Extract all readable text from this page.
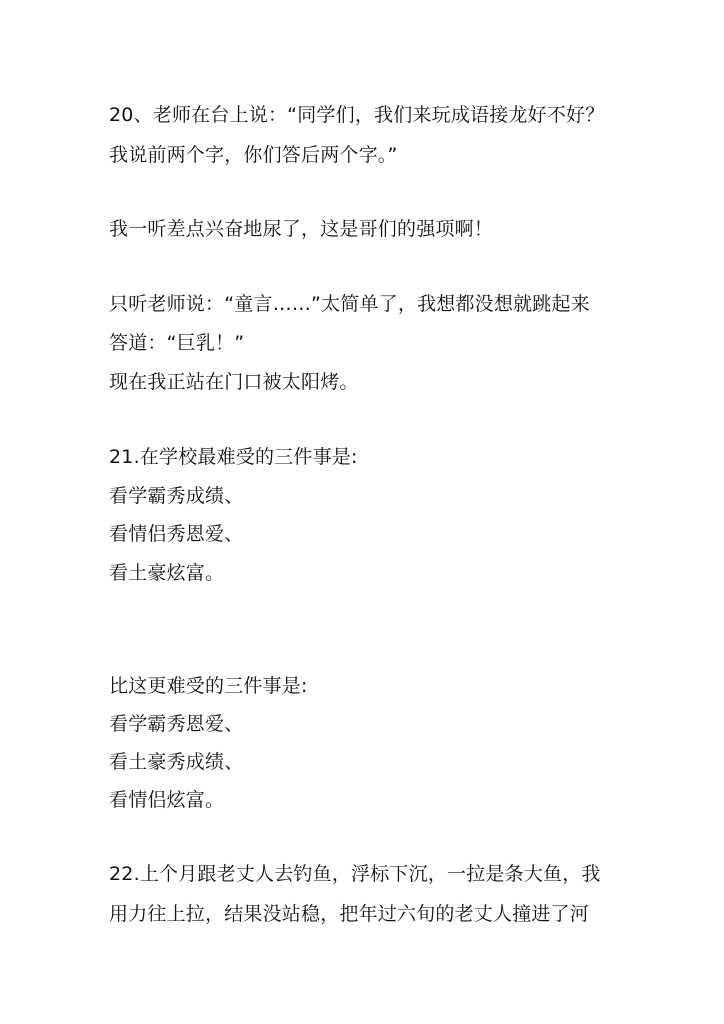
20、老师在台上说：“同学们，我们来玩成语接龙好不好？
我说前两个字，你们答后两个字。”
我一听差点兴奋地尿了，这是哥们的强项啊！
只听老师说：“童言……”太简单了，我想都没想就跳起来
答道：“巨乳！”
现在我正站在门口被太阳烤。
21.在学校最难受的三件事是:
看学霸秀成绩、
看情侣秀恩爱、
看土豪炫富。
比这更难受的三件事是:
看学霸秀恩爱、
看土豪秀成绩、
看情侣炫富。
22.上个月跟老丈人去钓鱼，浮标下沉，一拉是条大鱼，我
用力往上拉，结果没站稳，把年过六旬的老丈人撞进了河
